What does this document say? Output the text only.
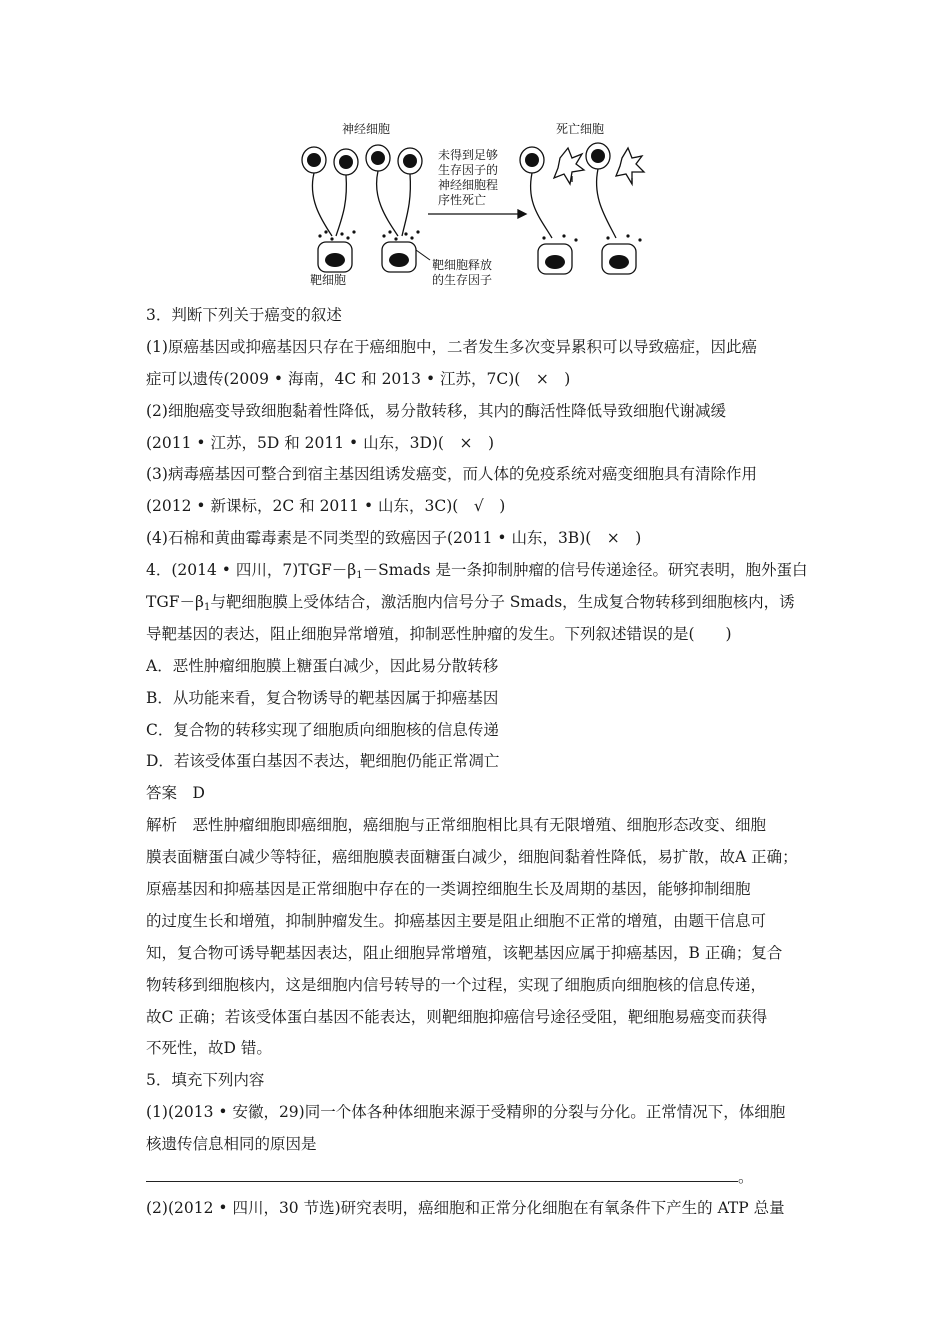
神经细胞
靶细胞
死亡细胞
未得到足够
生存因子的
神经细胞程
序性死亡
靶细胞释放
的生存因子
3．判断下列关于癌变的叙述
(1)原癌基因或抑癌基因只存在于癌细胞中，二者发生多次变异累积可以导致癌症，因此癌
症可以遗传(2009 • 海南，4C 和 2013 • 江苏，7C)(　×　)
(2)细胞癌变导致细胞黏着性降低，易分散转移，其内的酶活性降低导致细胞代谢减缓
(2011 • 江苏，5D 和 2011 • 山东，3D)(　×　)
(3)病毒癌基因可整合到宿主基因组诱发癌变，而人体的免疫系统对癌变细胞具有清除作用
(2012 • 新课标，2C 和 2011 • 山东，3C)(　√　)
(4)石棉和黄曲霉毒素是不同类型的致癌因子(2011 • 山东，3B)(　×　)
4．(2014 • 四川，$7)TGF-\beta_1-Smads$ 是一条抑制肿瘤的信号传递途径。研究表明，胞外蛋白
$TGF-\beta_1$与靶细胞膜上受体结合，激活胞内信号分子 Smads，生成复合物转移到细胞核内，诱
导靶基因的表达，阻止细胞异常增殖，抑制恶性肿瘤的发生。下列叙述错误的是(　　)
A．恶性肿瘤细胞膜上糖蛋白减少，因此易分散转移
B．从功能来看，复合物诱导的靶基因属于抑癌基因
C．复合物的转移实现了细胞质向细胞核的信息传递
D．若该受体蛋白基因不表达，靶细胞仍能正常凋亡
答案　D
解析　恶性肿瘤细胞即癌细胞，癌细胞与正常细胞相比具有无限增殖、细胞形态改变、细胞
膜表面糖蛋白减少等特征，癌细胞膜表面糖蛋白减少，细胞间黏着性降低，易扩散，故A 正确；
原癌基因和抑癌基因是正常细胞中存在的一类调控细胞生长及周期的基因，能够抑制细胞
的过度生长和增殖，抑制肿瘤发生。抑癌基因主要是阻止细胞不正常的增殖，由题干信息可
知，复合物可诱导靶基因表达，阻止细胞异常增殖，该靶基因应属于抑癌基因，B 正确；复合
物转移到细胞核内，这是细胞内信号转导的一个过程，实现了细胞质向细胞核的信息传递，
故C 正确；若该受体蛋白基因不能表达，则靶细胞抑癌信号途径受阻，靶细胞易癌变而获得
不死性，故D 错。
5．填充下列内容
(1)(2013 • 安徽，29)同一个体各种体细胞来源于受精卵的分裂与分化。正常情况下，体细胞
核遗传信息相同的原因是
。
(2)(2012 • 四川，30 节选)研究表明，癌细胞和正常分化细胞在有氧条件下产生的 ATP 总量
